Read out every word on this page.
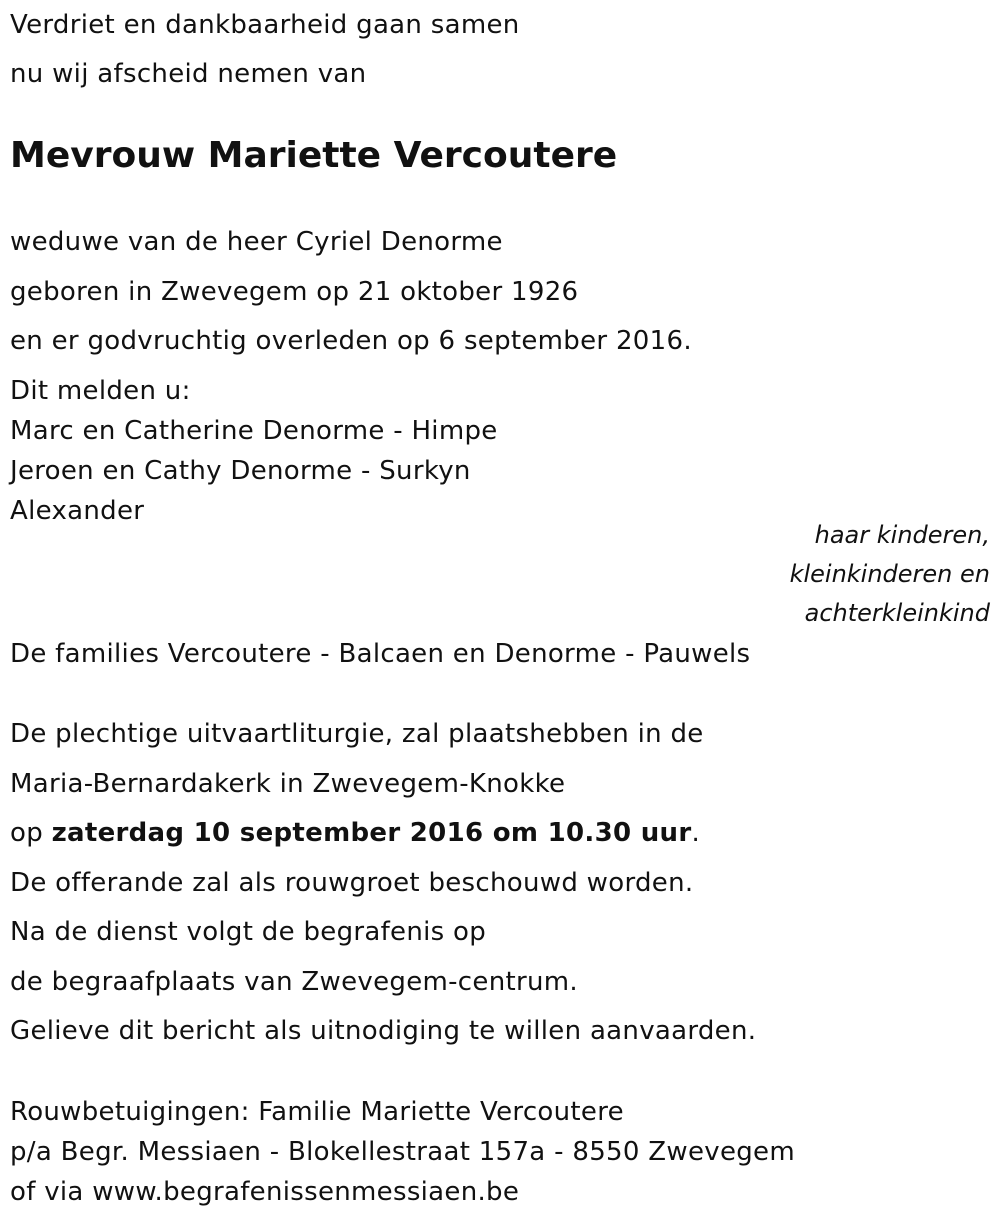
Verdriet en dankbaarheid gaan samen
nu wij afscheid nemen van
Mevrouw Mariette Vercoutere
weduwe van de heer Cyriel Denorme
geboren in Zwevegem op 21 oktober 1926
en er godvruchtig overleden op 6 september 2016.
Dit melden u:
Marc en Catherine Denorme - Himpe
Jeroen en Cathy Denorme - Surkyn
Alexander
haar kinderen,
kleinkinderen en
achterkleinkind
De families Vercoutere - Balcaen en Denorme - Pauwels
De plechtige uitvaartliturgie, zal plaatshebben in de
Maria-Bernardakerk in Zwevegem-Knokke
op zaterdag 10 september 2016 om 10.30 uur.
De offerande zal als rouwgroet beschouwd worden.
Na de dienst volgt de begrafenis op
de begraafplaats van Zwevegem-centrum.
Gelieve dit bericht als uitnodiging te willen aanvaarden.
Rouwbetuigingen: Familie Mariette Vercoutere
p/a Begr. Messiaen - Blokellestraat 157a - 8550 Zwevegem
of via www.begrafenissenmessiaen.be
